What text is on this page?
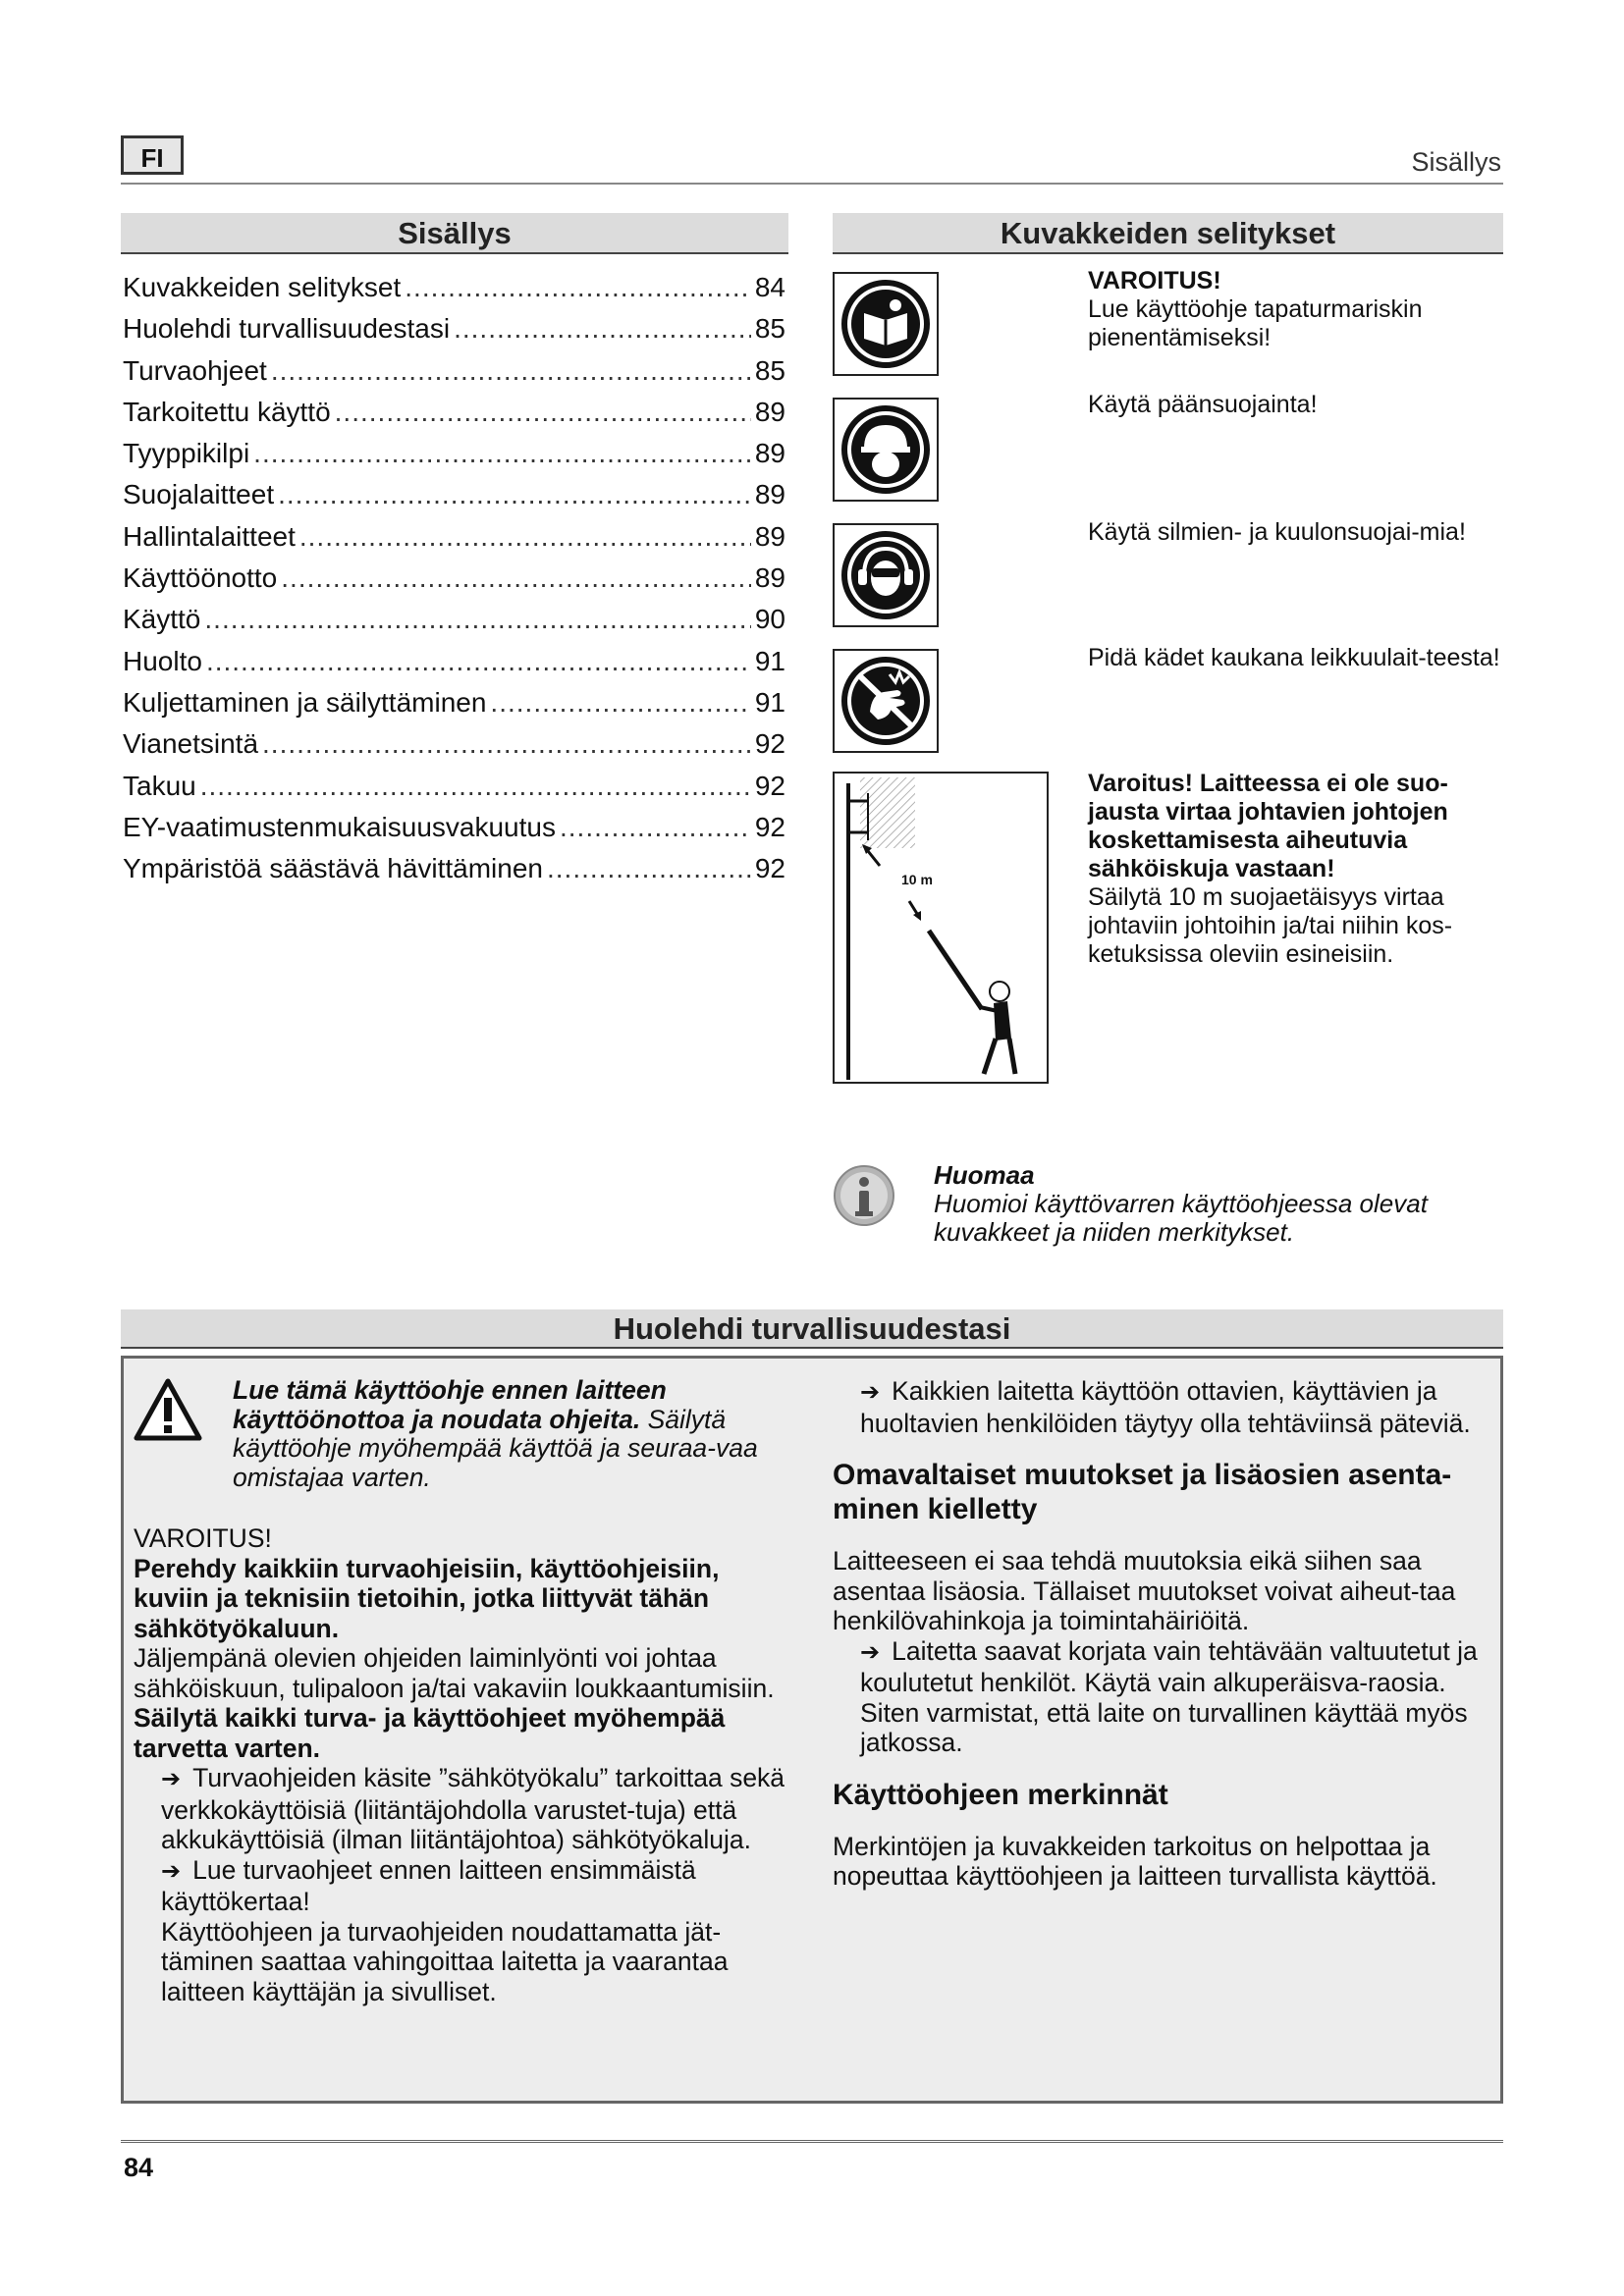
FI	Sisällys
Sisällys
Kuvakkeiden selitykset .....	84
Huolehdi turvallisuudestasi .....	85
Turvaohjeet .....	85
Tarkoitettu käyttö .....	89
Tyyppikilpi .....	89
Suojalaitteet .....	89
Hallintalaitteet .....	89
Käyttöönotto .....	89
Käyttö .....	90
Huolto .....	91
Kuljettaminen ja säilyttäminen .....	91
Vianetsintä .....	92
Takuu .....	92
EY-vaatimustenmukaisuusvakuutus .....	92
Ympäristöä säästävä hävittäminen .....	92
Kuvakkeiden selitykset
VAROITUS!
Lue käyttöohje tapaturmariskin pienentämiseksi!
Käytä päänsuojainta!
Käytä silmien- ja kuulonsuojai-mia!
Pidä kädet kaukana leikkuulait-teesta!
10 m
Varoitus! Laitteessa ei ole suo-jausta virtaa johtavien johtojen koskettamisesta aiheutuvia sähköiskuja vastaan!
Säilytä 10 m suojaetäisyys virtaa johtaviin johtoihin ja/tai niihin kos-ketuksissa oleviin esineisiin.
Huomaa
Huomioi käyttövarren käyttöohjeessa olevat kuvakkeet ja niiden merkitykset.
Huolehdi turvallisuudestasi
Lue tämä käyttöohje ennen laitteen käyttöönottoa ja noudata ohjeita. Säilytä käyttöohje myöhempää käyttöä ja seuraa-vaa omistajaa varten.
VAROITUS!
Perehdy kaikkiin turvaohjeisiin, käyttöohjeisiin, kuviin ja teknisiin tietoihin, jotka liittyvät tähän sähkötyökaluun.
Jäljempänä olevien ohjeiden laiminlyönti voi johtaa sähköiskuun, tulipaloon ja/tai vakaviin loukkaantumisiin.
Säilytä kaikki turva- ja käyttöohjeet myöhempää tarvetta varten.
➔ Turvaohjeiden käsite ”sähkötyökalu” tarkoittaa sekä verkkokäyttöisiä (liitäntäjohdolla varustet-tuja) että akkukäyttöisiä (ilman liitäntäjohtoa) sähkötyökaluja.
➔ Lue turvaohjeet ennen laitteen ensimmäistä käyttökertaa!
Käyttöohjeen ja turvaohjeiden noudattamatta jät-täminen saattaa vahingoittaa laitetta ja vaarantaa laitteen käyttäjän ja sivulliset.
➔ Kaikkien laitetta käyttöön ottavien, käyttävien ja huoltavien henkilöiden täytyy olla tehtäviinsä päteviä.
Omavaltaiset muutokset ja lisäosien asenta-minen kielletty
Laitteeseen ei saa tehdä muutoksia eikä siihen saa asentaa lisäosia. Tällaiset muutokset voivat aiheut-taa henkilövahinkoja ja toimintahäiriöitä.
➔ Laitetta saavat korjata vain tehtävään valtuutetut ja koulutetut henkilöt. Käytä vain alkuperäisva-raosia. Siten varmistat, että laite on turvallinen käyttää myös jatkossa.
Käyttöohjeen merkinnät
Merkintöjen ja kuvakkeiden tarkoitus on helpottaa ja nopeuttaa käyttöohjeen ja laitteen turvallista käyttöä.
84
